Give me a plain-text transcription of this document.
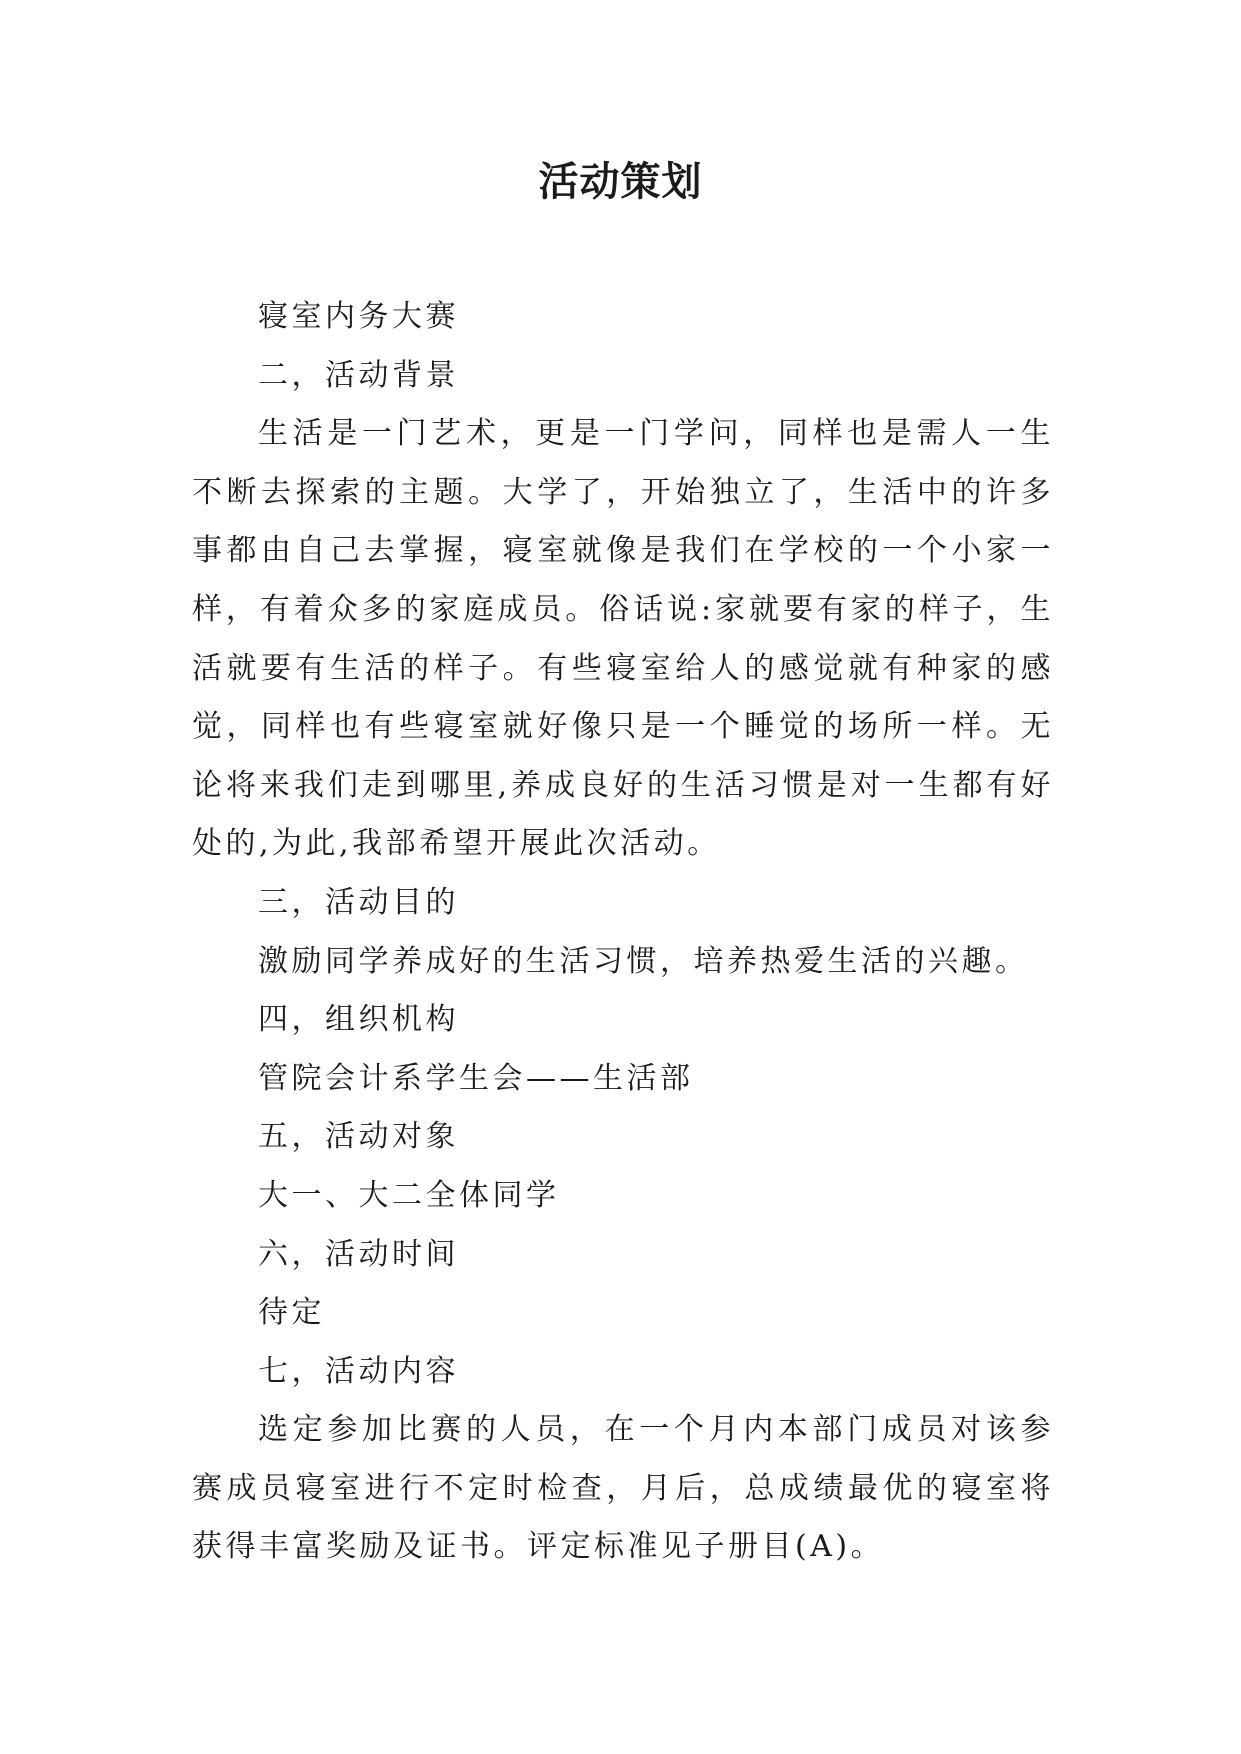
活动策划

寝室内务大赛

二，活动背景

生活是一门艺术，更是一门学问，同样也是需人一生不断去探索的主题。大学了，开始独立了，生活中的许多事都由自己去掌握，寝室就像是我们在学校的一个小家一样，有着众多的家庭成员。俗话说:家就要有家的样子，生活就要有生活的样子。有些寝室给人的感觉就有种家的感觉，同样也有些寝室就好像只是一个睡觉的场所一样。无论将来我们走到哪里,养成良好的生活习惯是对一生都有好处的,为此,我部希望开展此次活动。

三，活动目的

激励同学养成好的生活习惯，培养热爱生活的兴趣。

四，组织机构

管院会计系学生会——生活部

五，活动对象

大一、大二全体同学

六，活动时间

待定

七，活动内容

选定参加比赛的人员，在一个月内本部门成员对该参赛成员寝室进行不定时检查，月后，总成绩最优的寝室将获得丰富奖励及证书。评定标准见子册目(A)。
